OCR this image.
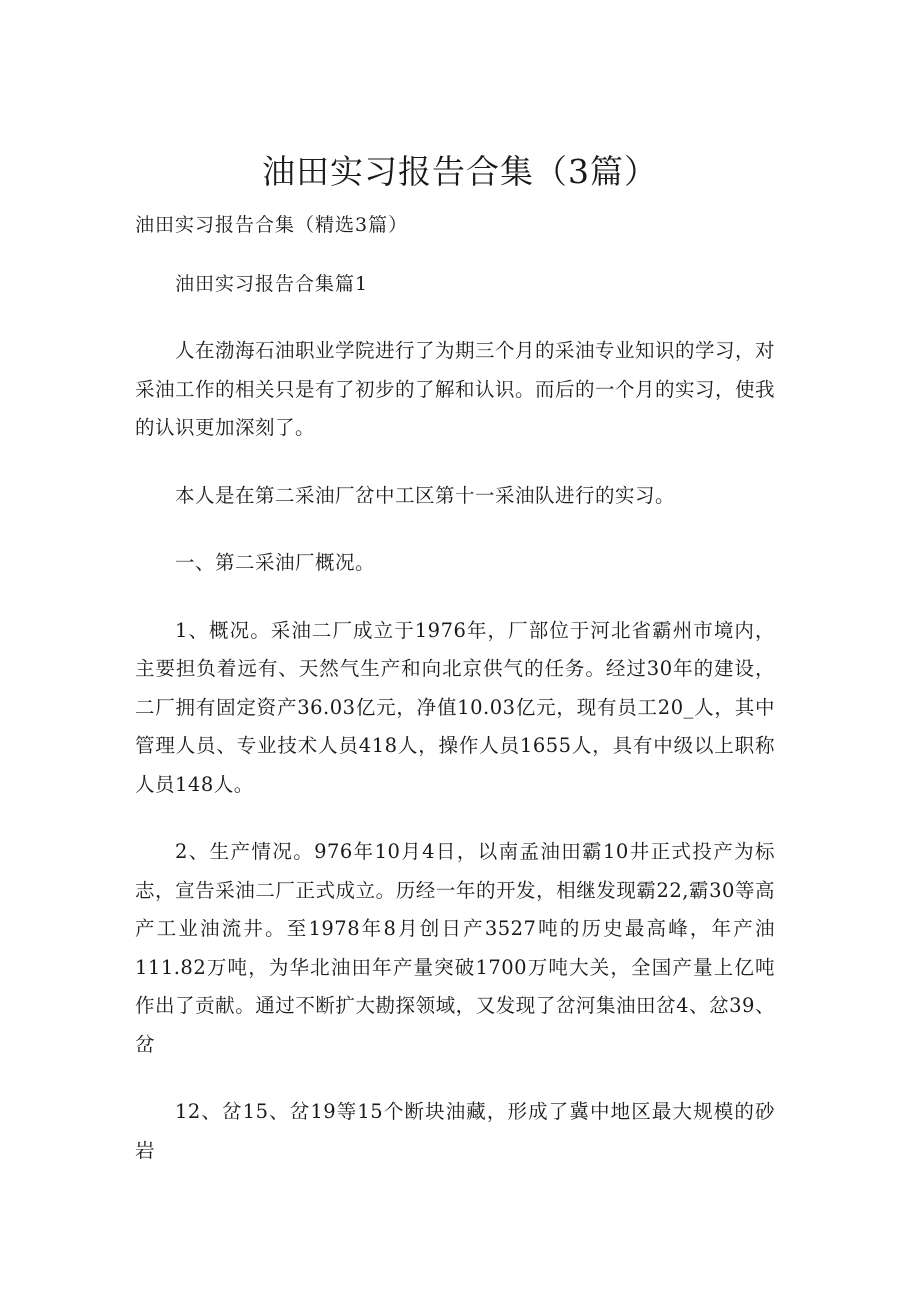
油田实习报告合集（3篇）

油田实习报告合集（精选3篇）

油田实习报告合集篇1

人在渤海石油职业学院进行了为期三个月的采油专业知识的学习，对采油工作的相关只是有了初步的了解和认识。而后的一个月的实习，使我的认识更加深刻了。

本人是在第二采油厂岔中工区第十一采油队进行的实习。

一、第二采油厂概况。

1、概况。采油二厂成立于1976年，厂部位于河北省霸州市境内，主要担负着远有、天然气生产和向北京供气的任务。经过30年的建设，二厂拥有固定资产36.03亿元，净值10.03亿元，现有员工20_人，其中管理人员、专业技术人员418人，操作人员1655人，具有中级以上职称人员148人。

2、生产情况。976年10月4日，以南孟油田霸10井正式投产为标志，宣告采油二厂正式成立。历经一年的开发，相继发现霸22,霸30等高产工业油流井。至1978年8月创日产3527吨的历史最高峰，年产油111.82万吨，为华北油田年产量突破1700万吨大关，全国产量上亿吨作出了贡献。通过不断扩大勘探领域，又发现了岔河集油田岔4、忿39、岔

12、岔15、岔19等15个断块油藏，形成了冀中地区最大规模的砂岩
